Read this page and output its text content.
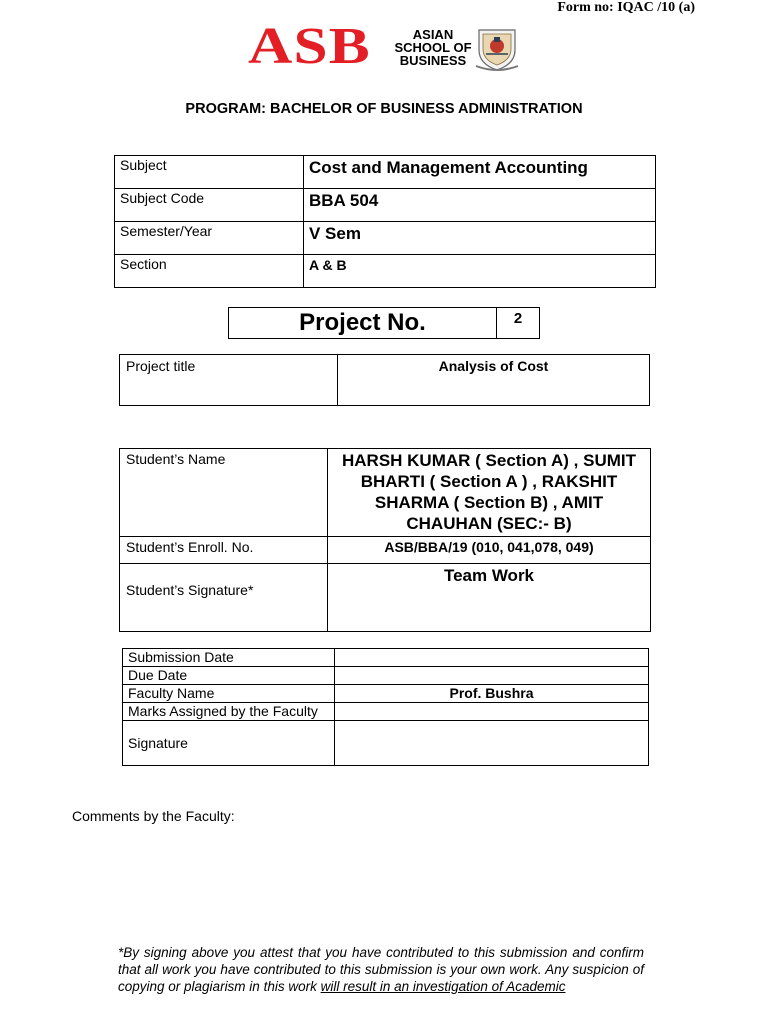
Form no: IQAC /10 (a)
ASB	ASIAN
SCHOOL OF
BUSINESS
PROGRAM: BACHELOR OF BUSINESS ADMINISTRATION
Subject	Cost and Management Accounting
Subject Code	BBA 504
Semester/Year	V Sem
Section	A & B
Project No.	2
Project title	Analysis of Cost
Student’s Name	HARSH KUMAR ( Section A) , SUMIT BHARTI ( Section A ) , RAKSHIT SHARMA ( Section B) , AMIT CHAUHAN (SEC:- B)
Student’s Enroll. No.	ASB/BBA/19 (010, 041,078, 049)
Student’s Signature*	Team Work
Submission Date	
Due Date	
Faculty Name	Prof. Bushra
Marks Assigned by the Faculty	
Signature	
Comments by the Faculty:
*By signing above you attest that you have contributed to this submission and confirm that all work you have contributed to this submission is your own work. Any suspicion of copying or plagiarism in this work will result in an investigation of Academic
